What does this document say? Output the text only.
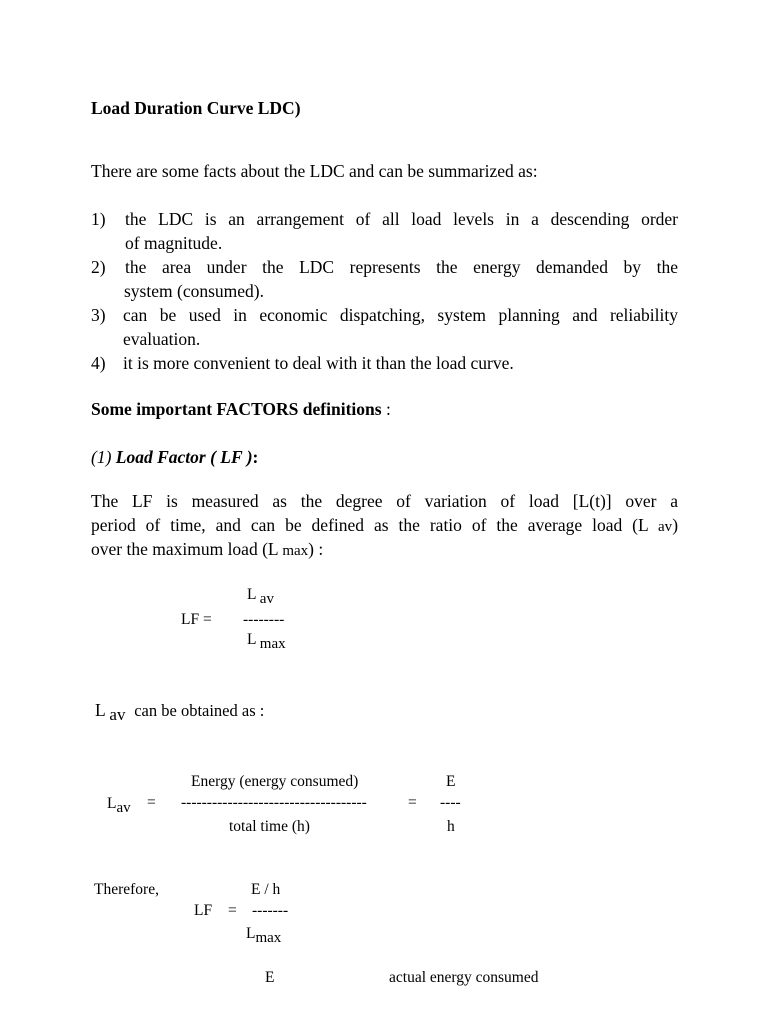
Load Duration Curve LDC)
There are some facts about the LDC and can be summarized as:
1) the LDC is an arrangement of all load levels in a descending order
of magnitude.
2) the area under the LDC represents the energy demanded by the
system (consumed).
3) can be used in economic dispatching, system planning and reliability
evaluation.
4) it is more convenient to deal with it than the load curve.
Some important FACTORS definitions :
(1) Load Factor ( LF ):
The LF is measured as the degree of variation of load [L(t)] over a
period of time, and can be defined as the ratio of the average load (L av)
over the maximum load (L max) :
L av
LF = --------
L max
L av can be obtained as :
Energy (energy consumed)	E
Lav = ------------------------------------	= ----
total time (h)	h
Therefore,	E / h
LF = -------
Lmax
E	actual energy consumed
